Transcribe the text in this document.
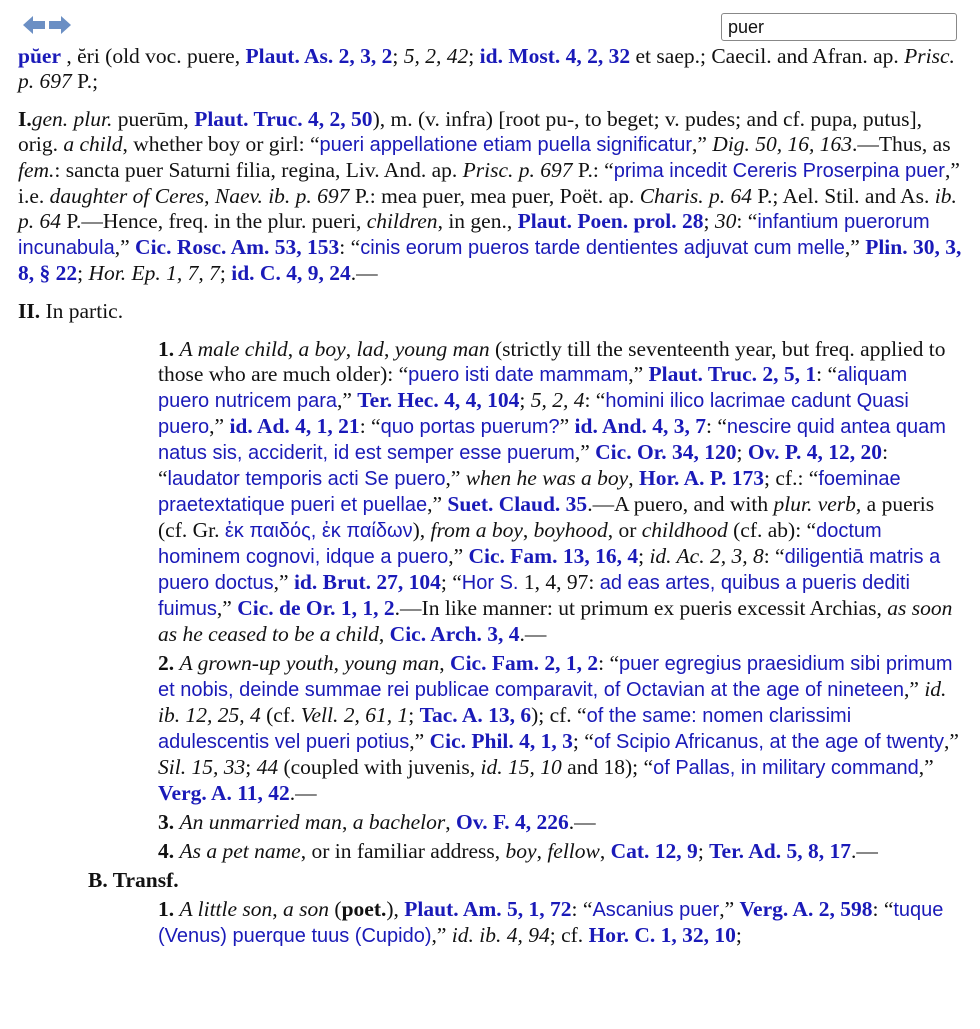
puer

pŭer , ĕri (old voc. puere, Plaut. As. 2, 3, 2; 5, 2, 42; id. Most. 4, 2, 32 et saep.; Caecil. and Afran. ap. Prisc. p. 697 P.;

I.gen. plur. puerūm, Plaut. Truc. 4, 2, 50), m. (v. infra) [root pu-, to beget; v. pudes; and cf. pupa, putus], orig. a child, whether boy or girl: “pueri appellatione etiam puella significatur,” Dig. 50, 16, 163.—Thus, as fem.: sancta puer Saturni filia, regina, Liv. And. ap. Prisc. p. 697 P.: “prima incedit Cereris Proserpina puer,” i.e. daughter of Ceres, Naev. ib. p. 697 P.: mea puer, mea puer, Poët. ap. Charis. p. 64 P.; Ael. Stil. and As. ib. p. 64 P.—Hence, freq. in the plur. pueri, children, in gen., Plaut. Poen. prol. 28; 30: “infantium puerorum incunabula,” Cic. Rosc. Am. 53, 153: “cinis eorum pueros tarde dentientes adjuvat cum melle,” Plin. 30, 3, 8, § 22; Hor. Ep. 1, 7, 7; id. C. 4, 9, 24.—

II. In partic.

1. A male child, a boy, lad, young man (strictly till the seventeenth year, but freq. applied to those who are much older): “puero isti date mammam,” Plaut. Truc. 2, 5, 1: “aliquam puero nutricem para,” Ter. Hec. 4, 4, 104; 5, 2, 4: “homini ilico lacrimae cadunt Quasi puero,” id. Ad. 4, 1, 21: “quo portas puerum?” id. And. 4, 3, 7: “nescire quid antea quam natus sis, acciderit, id est semper esse puerum,” Cic. Or. 34, 120; Ov. P. 4, 12, 20: “laudator temporis acti Se puero,” when he was a boy, Hor. A. P. 173; cf.: “foeminae praetextatique pueri et puellae,” Suet. Claud. 35.—A puero, and with plur. verb, a pueris (cf. Gr. ἐκ παιδός, ἐκ παίδων), from a boy, boyhood, or childhood (cf. ab): “doctum hominem cognovi, idque a puero,” Cic. Fam. 13, 16, 4; id. Ac. 2, 3, 8: “diligentiā matris a puero doctus,” id. Brut. 27, 104; “Hor S. 1, 4, 97: ad eas artes, quibus a pueris dediti fuimus,” Cic. de Or. 1, 1, 2.—In like manner: ut primum ex pueris excessit Archias, as soon as he ceased to be a child, Cic. Arch. 3, 4.—

2. A grown-up youth, young man, Cic. Fam. 2, 1, 2: “puer egregius praesidium sibi primum et nobis, deinde summae rei publicae comparavit, of Octavian at the age of nineteen,” id. ib. 12, 25, 4 (cf. Vell. 2, 61, 1; Tac. A. 13, 6); cf. “of the same: nomen clarissimi adulescentis vel pueri potius,” Cic. Phil. 4, 1, 3; “of Scipio Africanus, at the age of twenty,” Sil. 15, 33; 44 (coupled with juvenis, id. 15, 10 and 18); “of Pallas, in military command,” Verg. A. 11, 42.—

3. An unmarried man, a bachelor, Ov. F. 4, 226.—

4. As a pet name, or in familiar address, boy, fellow, Cat. 12, 9; Ter. Ad. 5, 8, 17.—

B. Transf.

1. A little son, a son (poet.), Plaut. Am. 5, 1, 72: “Ascanius puer,” Verg. A. 2, 598: “tuque (Venus) puerque tuus (Cupido),” id. ib. 4, 94; cf. Hor. C. 1, 32, 10;
